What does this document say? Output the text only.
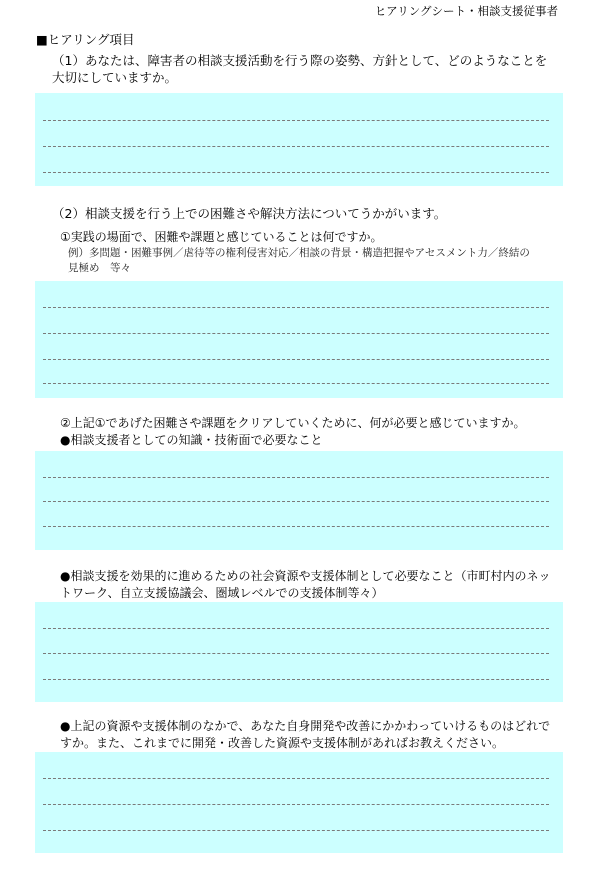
ヒアリングシート・相談支援従事者
■ヒアリング項目
（1）あなたは、障害者の相談支援活動を行う際の姿勢、方針として、どのようなことを大切にしていますか。
（2）相談支援を行う上での困難さや解決方法についてうかがいます。
①実践の場面で、困難や課題と感じていることは何ですか。
例）多問題・困難事例／虐待等の権利侵害対応／相談の背景・構造把握やアセスメント力／終結の見極め　等々
②上記①であげた困難さや課題をクリアしていくために、何が必要と感じていますか。
●相談支援者としての知識・技術面で必要なこと
●相談支援を効果的に進めるための社会資源や支援体制として必要なこと（市町村内のネットワーク、自立支援協議会、圏域レベルでの支援体制等々）
●上記の資源や支援体制のなかで、あなた自身開発や改善にかかわっていけるものはどれですか。また、これまでに開発・改善した資源や支援体制があればお教えください。
